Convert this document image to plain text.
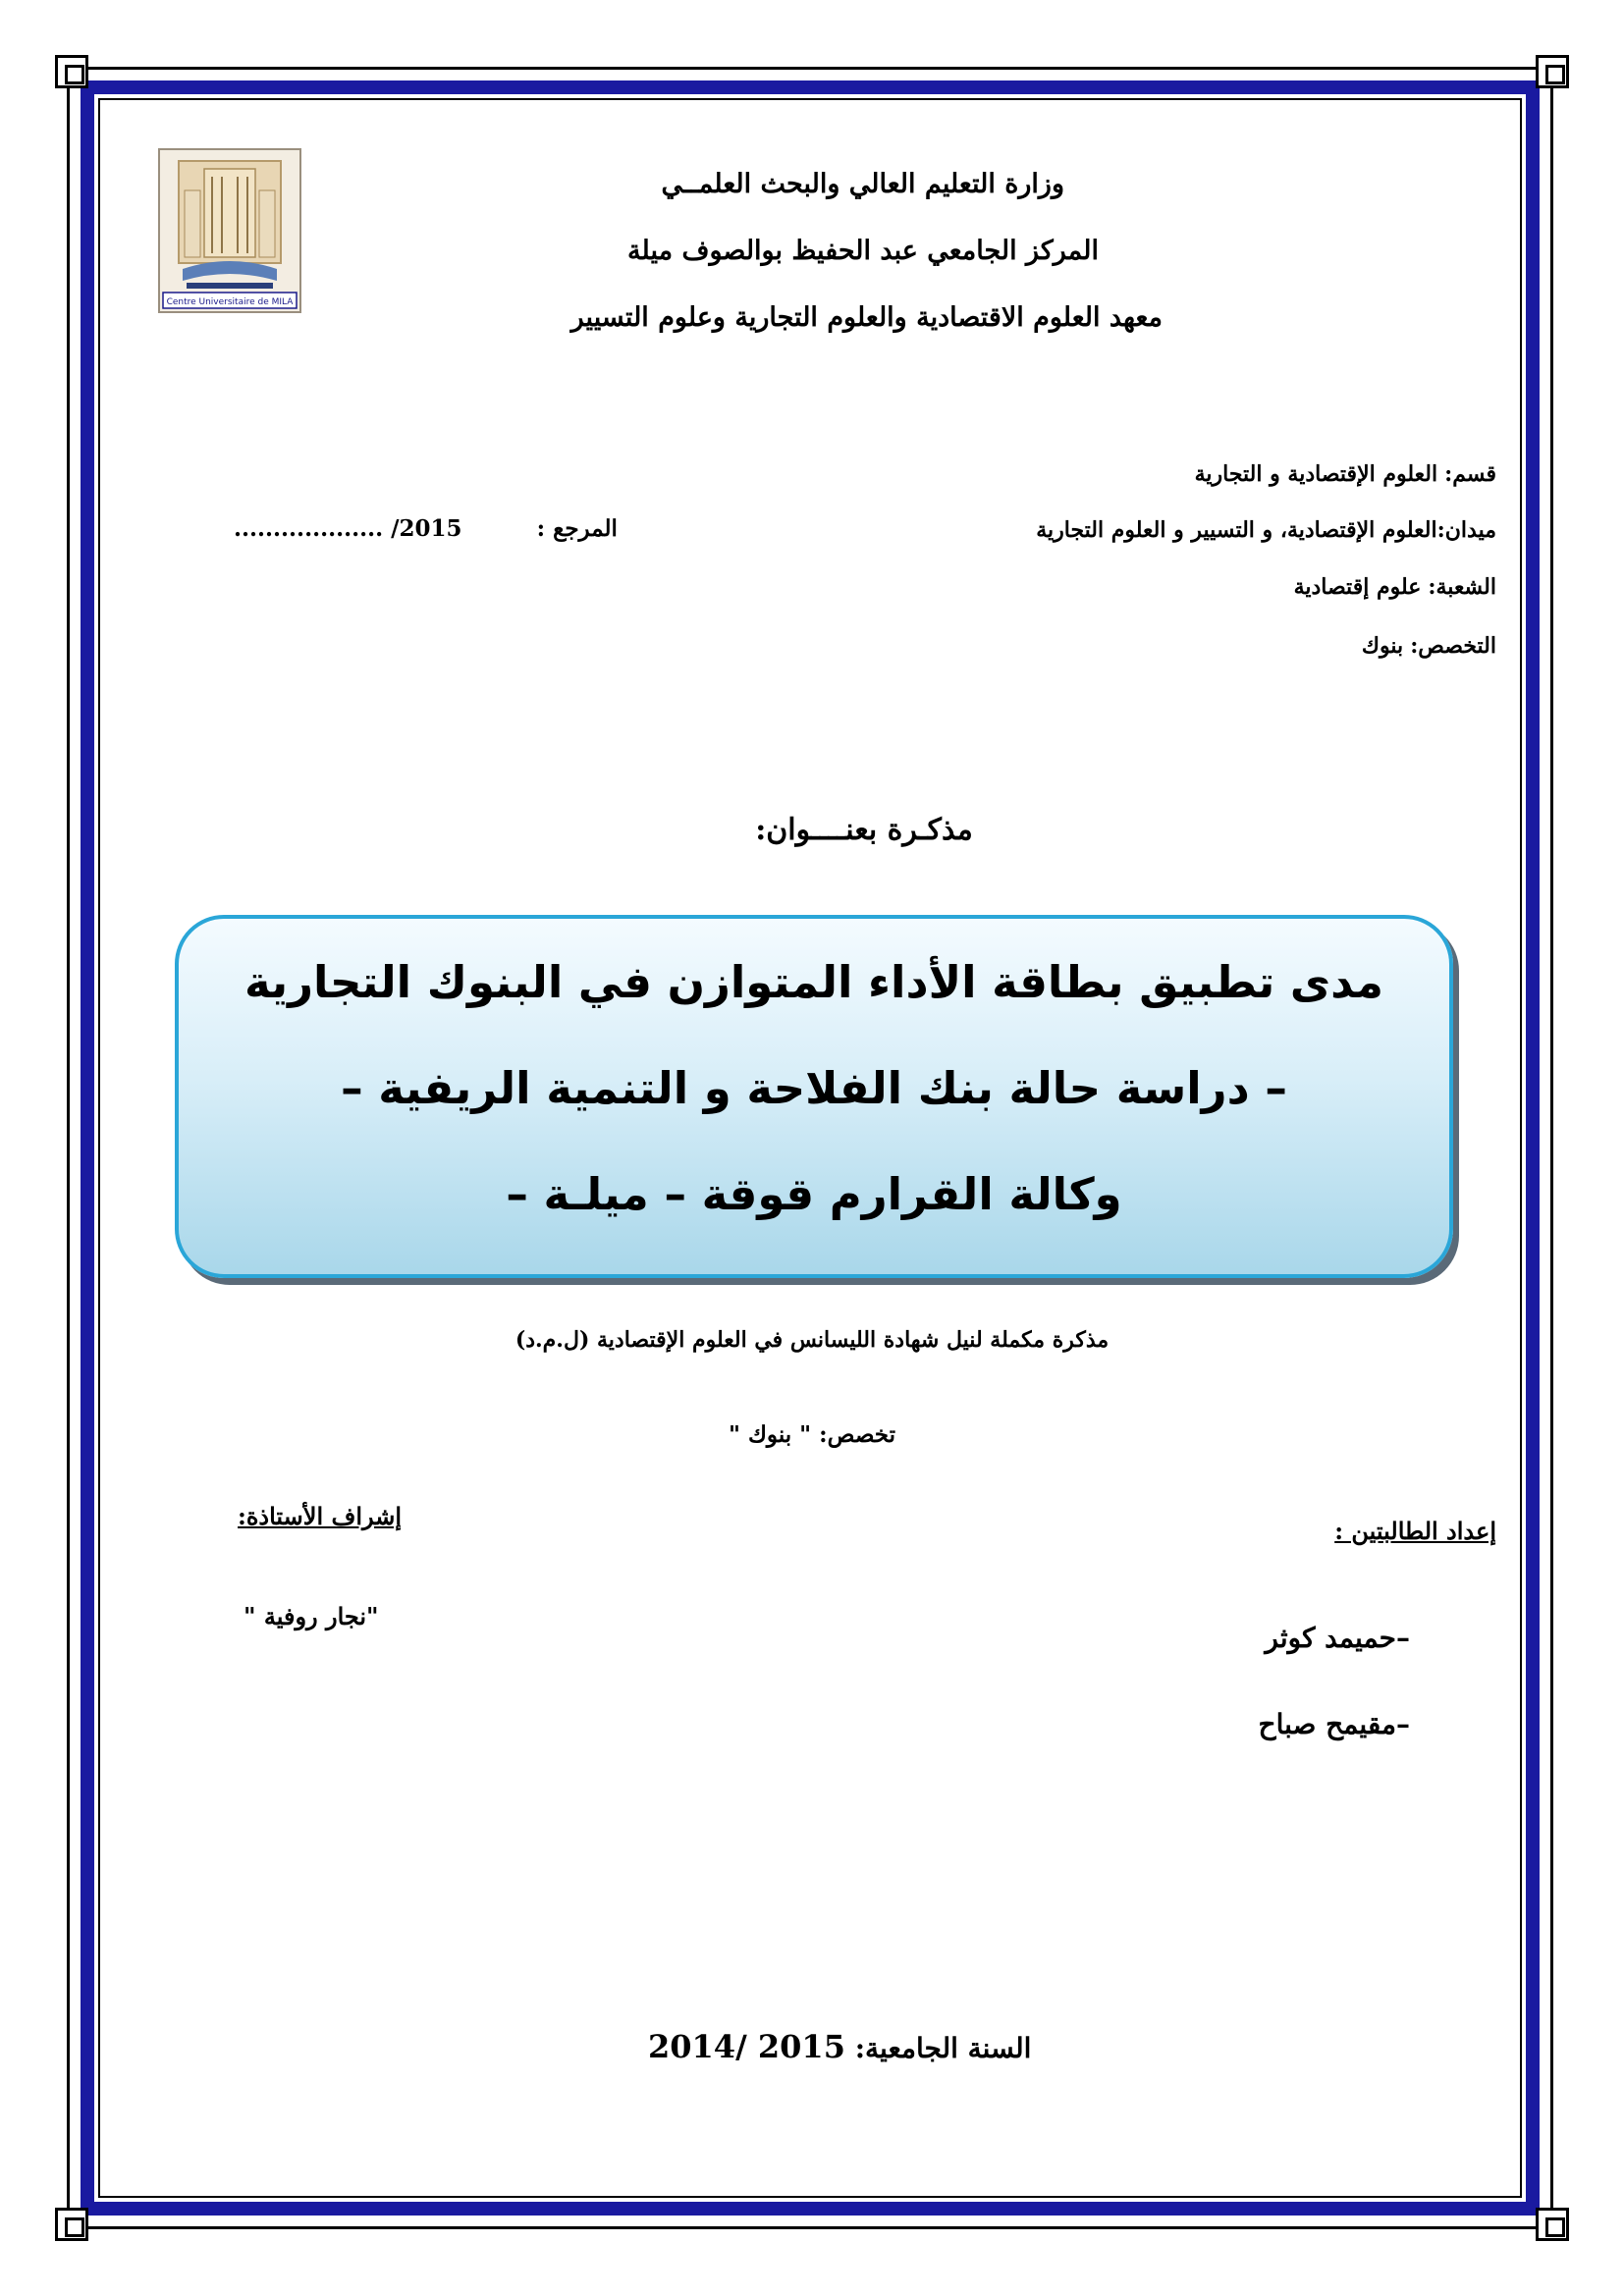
Centre Universitaire de MILA
وزارة التعليم العالي والبحث العلمــي
المركز الجامعي عبد الحفيظ بوالصوف ميلة
معهد العلوم الاقتصادية والعلوم التجارية وعلوم التسيير
قسم: العلوم الإقتصادية و التجارية
ميدان:العلوم الإقتصادية، و التسيير و العلوم التجارية
الشعبة: علوم إقتصادية
التخصص: بنوك
المرجع :  ................... /2015
مذكـرة بعنــــوان:
مدى تطبيق بطاقة الأداء المتوازن في البنوك التجارية
– دراسة حالة بنك الفلاحة و التنمية الريفية –
وكالة القرارم قوقة – ميلـة –
مذكرة مكملة لنيل شهادة الليسانس في العلوم الإقتصادية (ل.م.د)
تخصص: " بنوك "
إعداد الطالبتين :
–حميمد كوثر
–مقيمح صباح
إشراف الأستاذة:
"نجار روفية "
السنة الجامعية: 2014/ 2015
